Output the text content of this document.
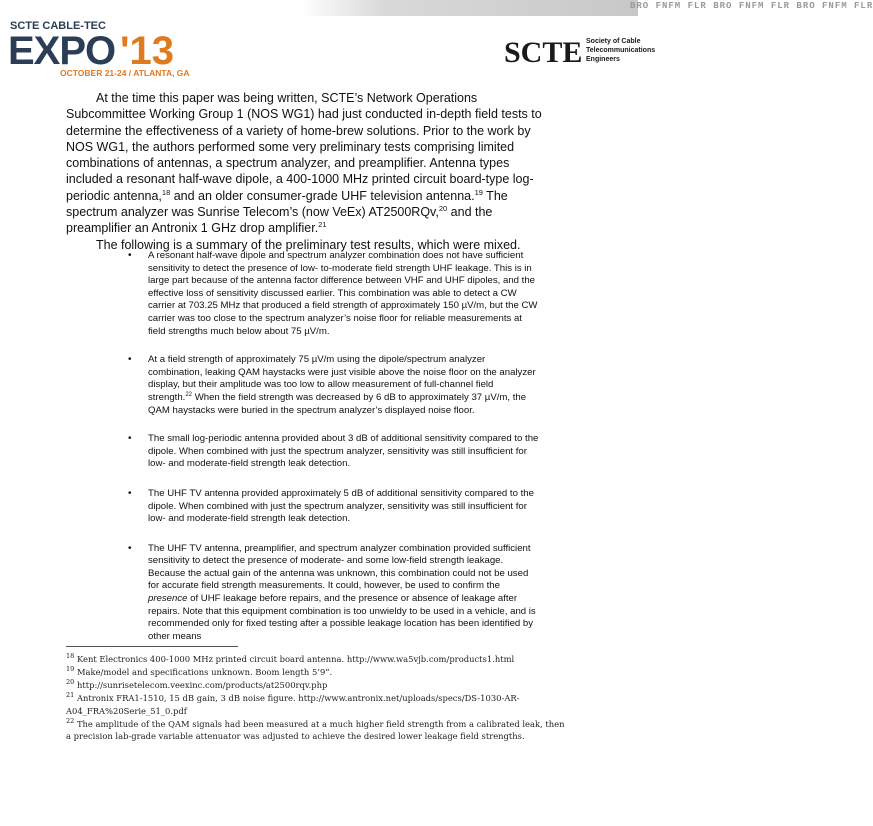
BRO FNFM FLR BRO FNFM FLR BRO FNFM FLR
SCTE CABLE-TEC
EXPO '13
OCTOBER 21-24 / ATLANTA, GA
SCTE Society of Cable
Telecommunications
Engineers

At the time this paper was being written, SCTE’s Network Operations Subcommittee Working Group 1 (NOS WG1) had just conducted in-depth field tests to determine the effectiveness of a variety of home-brew solutions. Prior to the work by NOS WG1, the authors performed some very preliminary tests comprising limited combinations of antennas, a spectrum analyzer, and preamplifier. Antenna types included a resonant half-wave dipole, a 400-1000 MHz printed circuit board-type log-periodic antenna,$^{18}$ and an older consumer-grade UHF television antenna.$^{19}$ The spectrum analyzer was Sunrise Telecom’s (now VeEx) AT2500RQv,$^{20}$ and the preamplifier an Antronix 1 GHz drop amplifier.$^{21}$

The following is a summary of the preliminary test results, which were mixed.

• A resonant half-wave dipole and spectrum analyzer combination does not have sufficient sensitivity to detect the presence of low- to-moderate field strength UHF leakage. This is in large part because of the antenna factor difference between VHF and UHF dipoles, and the effective loss of sensitivity discussed earlier. This combination was able to detect a CW carrier at 703.25 MHz that produced a field strength of approximately 150 µV/m, but the CW carrier was too close to the spectrum analyzer’s noise floor for reliable measurements at field strengths much below about 75 µV/m.
• At a field strength of approximately 75 µV/m using the dipole/spectrum analyzer combination, leaking QAM haystacks were just visible above the noise floor on the analyzer display, but their amplitude was too low to allow measurement of full-channel field strength.$^{22}$ When the field strength was decreased by 6 dB to approximately 37 µV/m, the QAM haystacks were buried in the spectrum analyzer’s displayed noise floor.
• The small log-periodic antenna provided about 3 dB of additional sensitivity compared to the dipole. When combined with just the spectrum analyzer, sensitivity was still insufficient for low- and moderate-field strength leak detection.
• The UHF TV antenna provided approximately 5 dB of additional sensitivity compared to the dipole. When combined with just the spectrum analyzer, sensitivity was still insufficient for low- and moderate-field strength leak detection.
• The UHF TV antenna, preamplifier, and spectrum analyzer combination provided sufficient sensitivity to detect the presence of moderate- and some low-field strength leakage. Because the actual gain of the antenna was unknown, this combination could not be used for accurate field strength measurements. It could, however, be used to confirm the presence of UHF leakage before repairs, and the presence or absence of leakage after repairs. Note that this equipment combination is too unwieldy to be used in a vehicle, and is recommended only for fixed testing after a possible leakage location has been identified by other means
$^{18}$ Kent Electronics 400-1000 MHz printed circuit board antenna. http://www.wa5vjb.com/products1.html
$^{19}$ Make/model and specifications unknown. Boom length 5’9”.
$^{20}$ http://sunrisetelecom.veexinc.com/products/at2500rqv.php
$^{21}$ Antronix FRA1-1510, 15 dB gain, 3 dB noise figure. http://www.antronix.net/uploads/specs/DS-1030-AR-A04_FRA%20Serie_51_0.pdf
$^{22}$ The amplitude of the QAM signals had been measured at a much higher field strength from a calibrated leak, then a precision lab-grade variable attenuator was adjusted to achieve the desired lower leakage field strengths.
